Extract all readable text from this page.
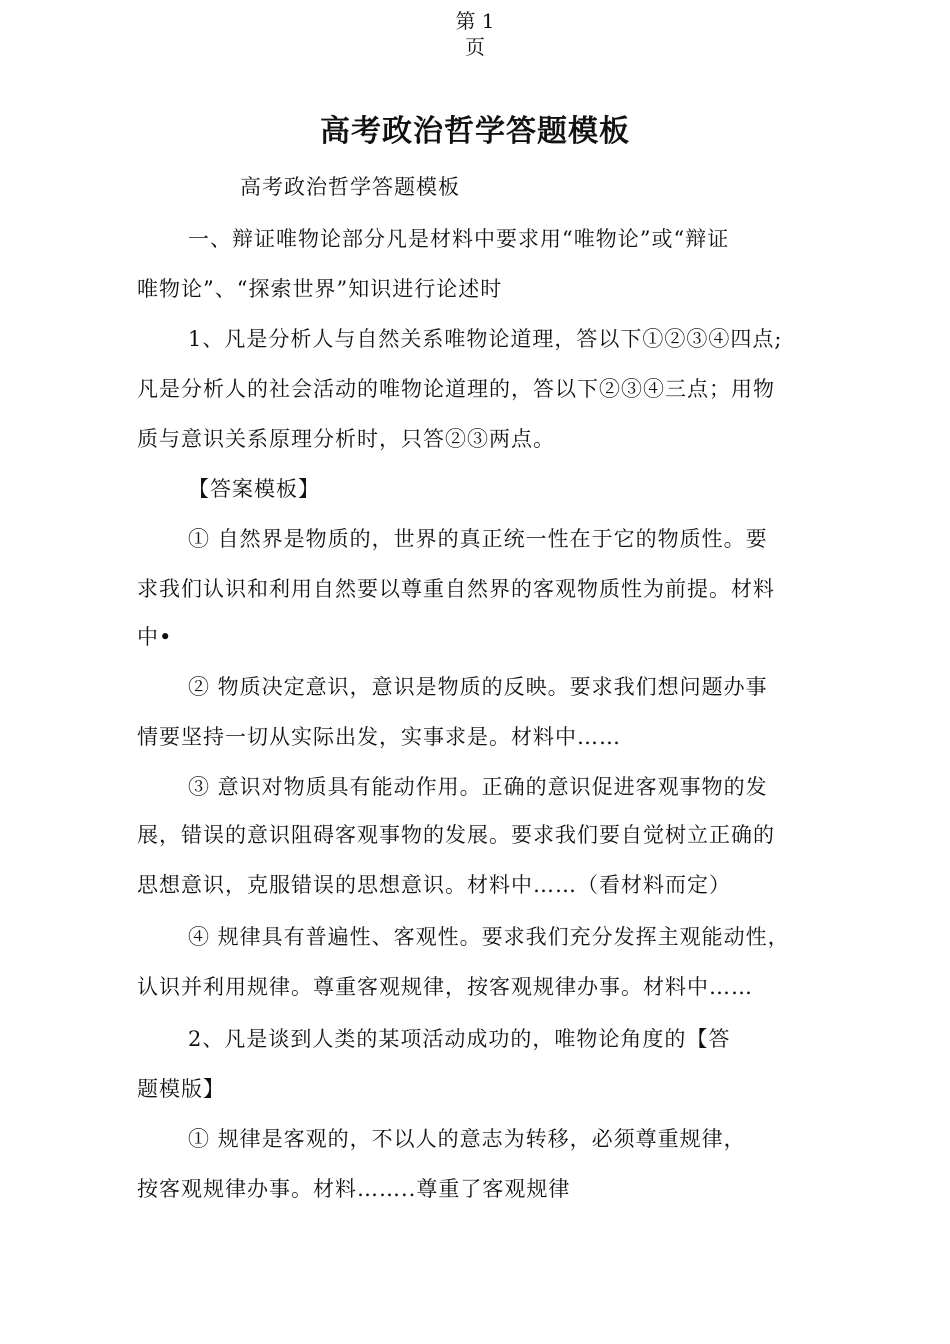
第 1
页
高考政治哲学答题模板
高考政治哲学答题模板
一、辩证唯物论部分凡是材料中要求用“唯物论”或“辩证
唯物论”、“探索世界”知识进行论述时
1、凡是分析人与自然关系唯物论道理，答以下①②③④四点;
凡是分析人的社会活动的唯物论道理的，答以下②③④三点；用物
质与意识关系原理分析时，只答②③两点。
【答案模板】
① 自然界是物质的，世界的真正统一性在于它的物质性。要
求我们认识和利用自然要以尊重自然界的客观物质性为前提。材料
中•
② 物质决定意识，意识是物质的反映。要求我们想问题办事
情要坚持一切从实际出发，实事求是。材料中……
③ 意识对物质具有能动作用。正确的意识促进客观事物的发
展，错误的意识阻碍客观事物的发展。要求我们要自觉树立正确的
思想意识，克服错误的思想意识。材料中……（看材料而定）
④ 规律具有普遍性、客观性。要求我们充分发挥主观能动性，
认识并利用规律。尊重客观规律，按客观规律办事。材料中……
2、凡是谈到人类的某项活动成功的，唯物论角度的【答
题模版】
① 规律是客观的，不以人的意志为转移，必须尊重规律，
按客观规律办事。材料……..尊重了客观规律
